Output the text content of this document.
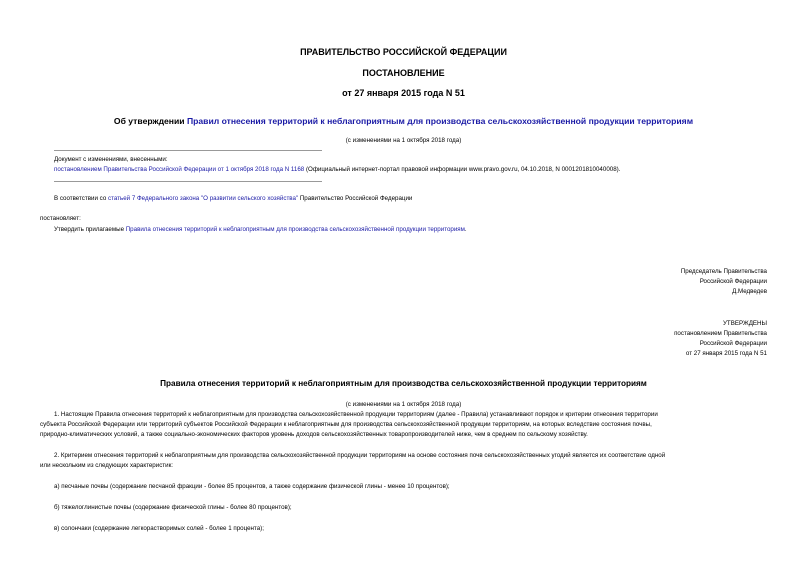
ПРАВИТЕЛЬСТВО РОССИЙСКОЙ ФЕДЕРАЦИИ
ПОСТАНОВЛЕНИЕ
от 27 января 2015 года N 51
Об утверждении Правил отнесения территорий к неблагоприятным для производства сельскохозяйственной продукции территориям
(с изменениями на 1 октября 2018 года)
Документ с изменениями, внесенными:
постановлением Правительства Российской Федерации от 1 октября 2018 года N 1168 (Официальный интернет-портал правовой информации www.pravo.gov.ru, 04.10.2018, N 0001201810040008).
В соответствии со статьей 7 Федерального закона "О развитии сельского хозяйства" Правительство Российской Федерации
постановляет:
Утвердить прилагаемые Правила отнесения территорий к неблагоприятным для производства сельскохозяйственной продукции территориям.
Председатель Правительства
Российской Федерации
Д.Медведев
УТВЕРЖДЕНЫ
постановлением Правительства
Российской Федерации
от 27 января 2015 года N 51
Правила отнесения территорий к неблагоприятным для производства сельскохозяйственной продукции территориям
(с изменениями на 1 октября 2018 года)
1. Настоящие Правила отнесения территорий к неблагоприятным для производства сельскохозяйственной продукции территориям (далее - Правила) устанавливают порядок и критерии отнесения территории
субъекта Российской Федерации или территорий субъектов Российской Федерации к неблагоприятным для производства сельскохозяйственной продукции территориям, на которых вследствие состояния почвы,
природно-климатических условий, а также социально-экономических факторов уровень доходов сельскохозяйственных товаропроизводителей ниже, чем в среднем по сельскому хозяйству.
2. Критерием отнесения территорий к неблагоприятным для производства сельскохозяйственной продукции территориям на основе состояния почв сельскохозяйственных угодий является их соответствие одной
или нескольким из следующих характеристик:
а) песчаные почвы (содержание песчаной фракции - более 85 процентов, а также содержание физической глины - менее 10 процентов);
б) тяжелоглинистые почвы (содержание физической глины - более 80 процентов);
в) солончаки (содержание легкорастворимых солей - более 1 процента);
